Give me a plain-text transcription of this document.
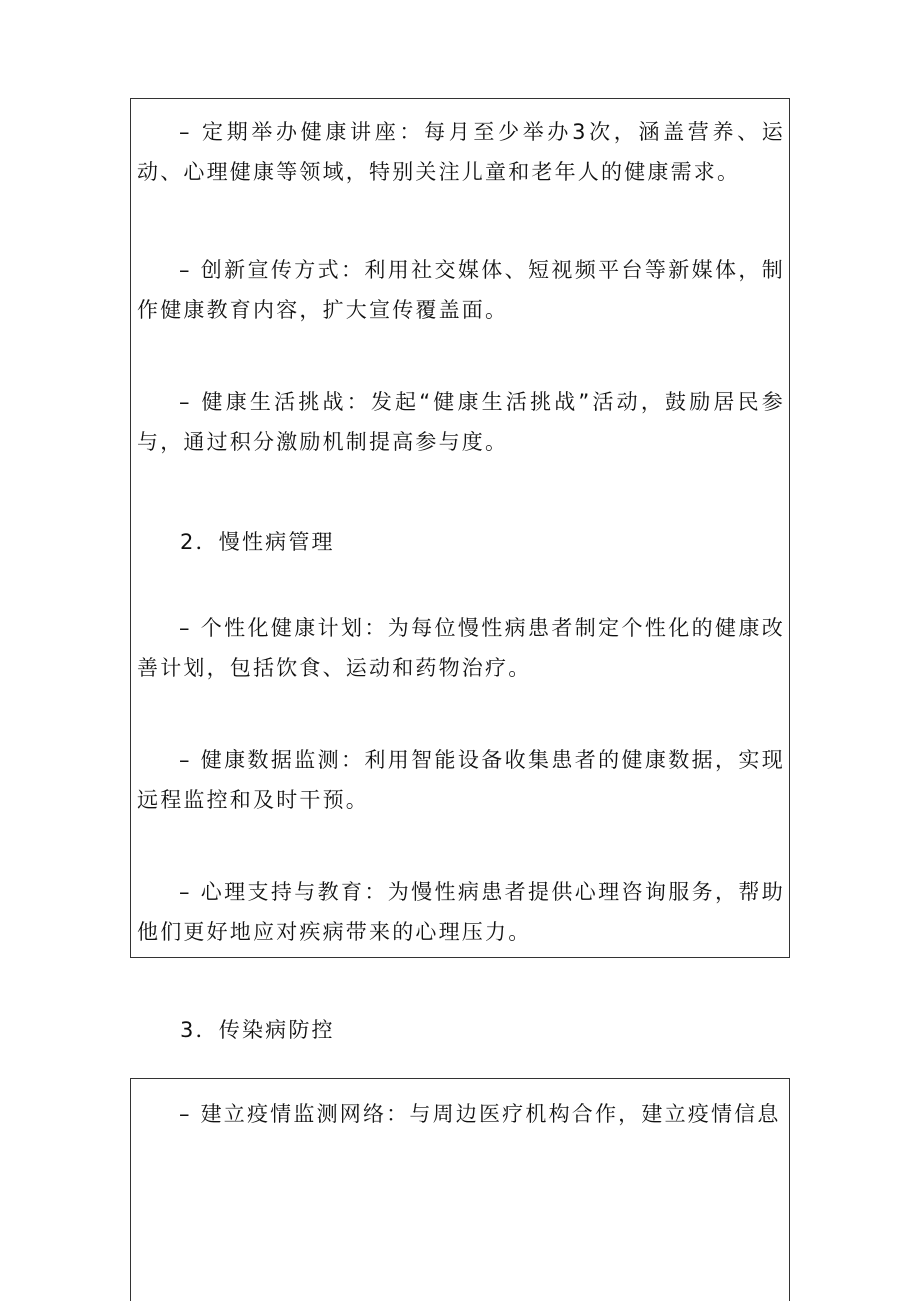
– 定期举办健康讲座：每月至少举办3次，涵盖营养、运动、心理健康等领域，特别关注儿童和老年人的健康需求。

– 创新宣传方式：利用社交媒体、短视频平台等新媒体，制作健康教育内容，扩大宣传覆盖面。

– 健康生活挑战：发起“健康生活挑战”活动，鼓励居民参与，通过积分激励机制提高参与度。

2．慢性病管理

– 个性化健康计划：为每位慢性病患者制定个性化的健康改善计划，包括饮食、运动和药物治疗。

– 健康数据监测：利用智能设备收集患者的健康数据，实现远程监控和及时干预。

– 心理支持与教育：为慢性病患者提供心理咨询服务，帮助他们更好地应对疾病带来的心理压力。

3．传染病防控

– 建立疫情监测网络：与周边医疗机构合作，建立疫情信息
